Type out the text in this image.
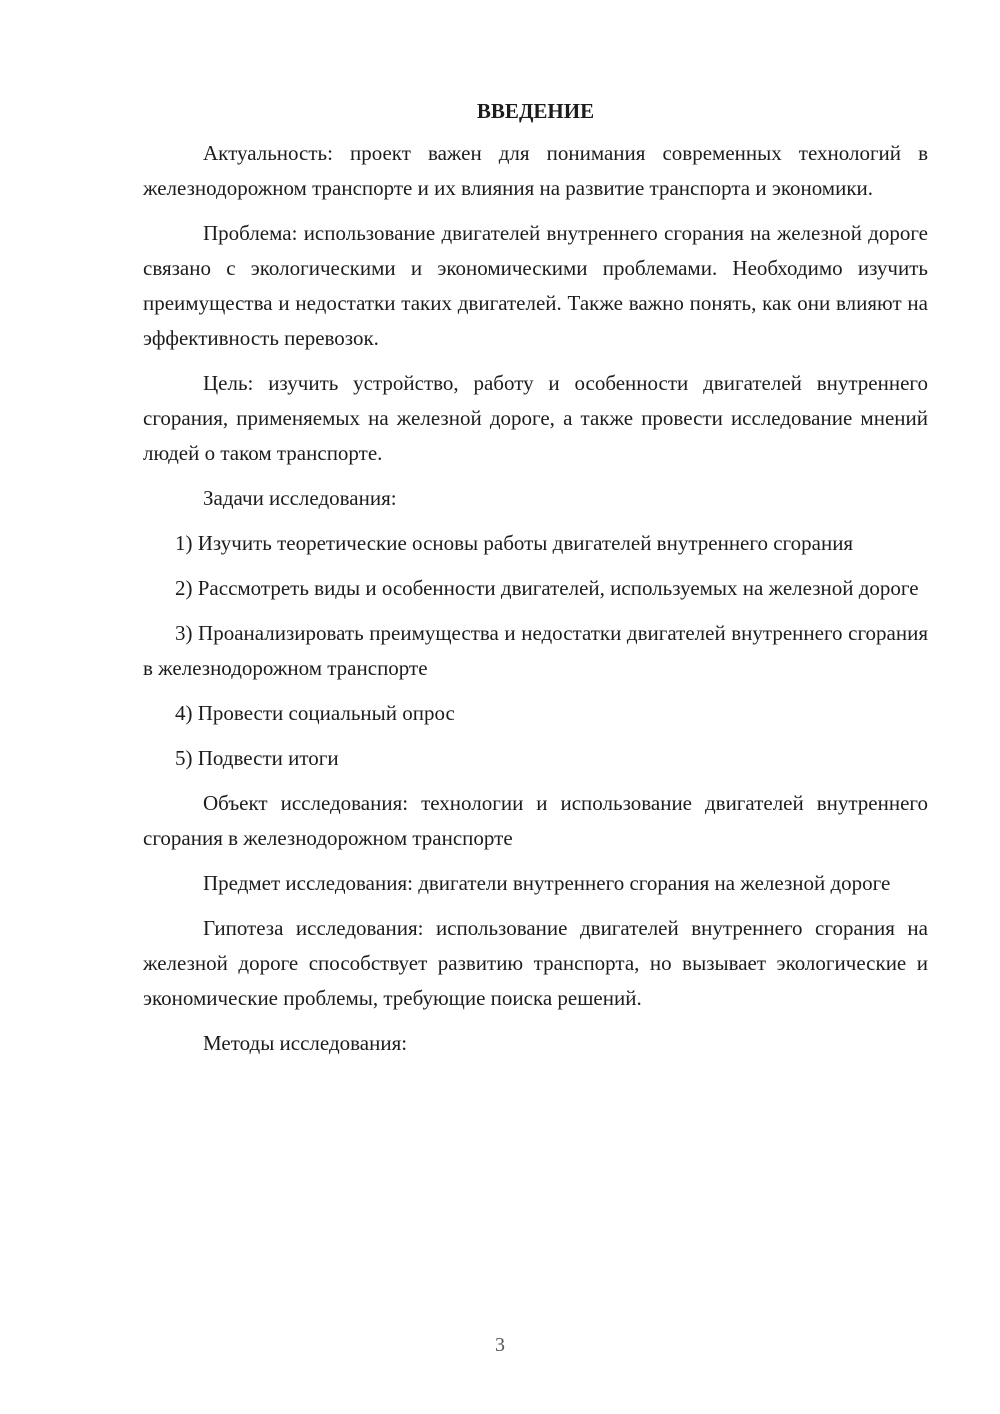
ВВЕДЕНИЕ

Актуальность: проект важен для понимания современных технологий в железнодорожном транспорте и их влияния на развитие транспорта и экономики.

Проблема: использование двигателей внутреннего сгорания на железной дороге связано с экологическими и экономическими проблемами. Необходимо изучить преимущества и недостатки таких двигателей. Также важно понять, как они влияют на эффективность перевозок.

Цель: изучить устройство, работу и особенности двигателей внутреннего сгорания, применяемых на железной дороге, а также провести исследование мнений людей о таком транспорте.

Задачи исследования:

1) Изучить теоретические основы работы двигателей внутреннего сгорания

2) Рассмотреть виды и особенности двигателей, используемых на железной дороге

3) Проанализировать преимущества и недостатки двигателей внутреннего сгорания в железнодорожном транспорте

4) Провести социальный опрос

5) Подвести итоги

Объект исследования: технологии и использование двигателей внутреннего сгорания в железнодорожном транспорте

Предмет исследования: двигатели внутреннего сгорания на железной дороге

Гипотеза исследования: использование двигателей внутреннего сгорания на железной дороге способствует развитию транспорта, но вызывает экологические и экономические проблемы, требующие поиска решений.

Методы исследования:

3
